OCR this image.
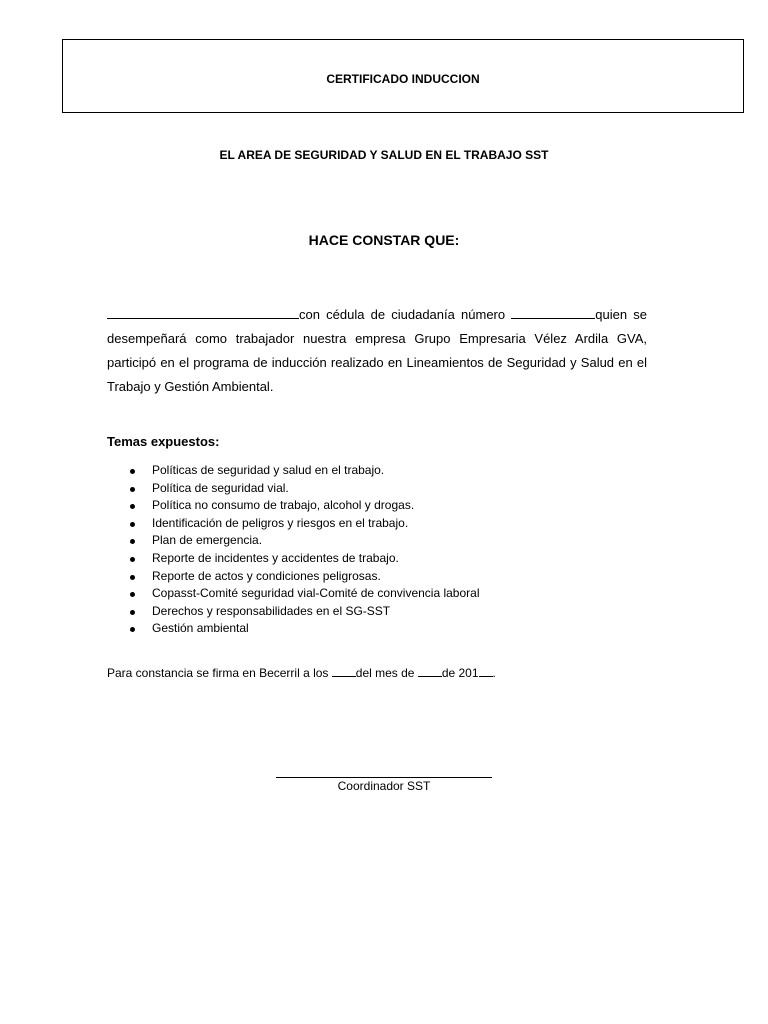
CERTIFICADO INDUCCION
EL AREA DE SEGURIDAD Y SALUD EN EL TRABAJO SST
HACE CONSTAR QUE:
con cédula de ciudadanía número	quien se desempeñará como trabajador nuestra empresa Grupo Empresaria Vélez Ardila GVA, participó en el programa de inducción realizado en Lineamientos de Seguridad y Salud en el Trabajo y Gestión Ambiental.
Temas expuestos:
Políticas de seguridad y salud en el trabajo.
Política de seguridad vial.
Política no consumo de trabajo, alcohol y drogas.
Identificación de peligros y riesgos en el trabajo.
Plan de emergencia.
Reporte de incidentes y accidentes de trabajo.
Reporte de actos y condiciones peligrosas.
Copasst-Comité seguridad vial-Comité de convivencia laboral
Derechos y responsabilidades en el SG-SST
Gestión ambiental
Para constancia se firma en Becerril a los del mes de de 201 .
Coordinador SST
